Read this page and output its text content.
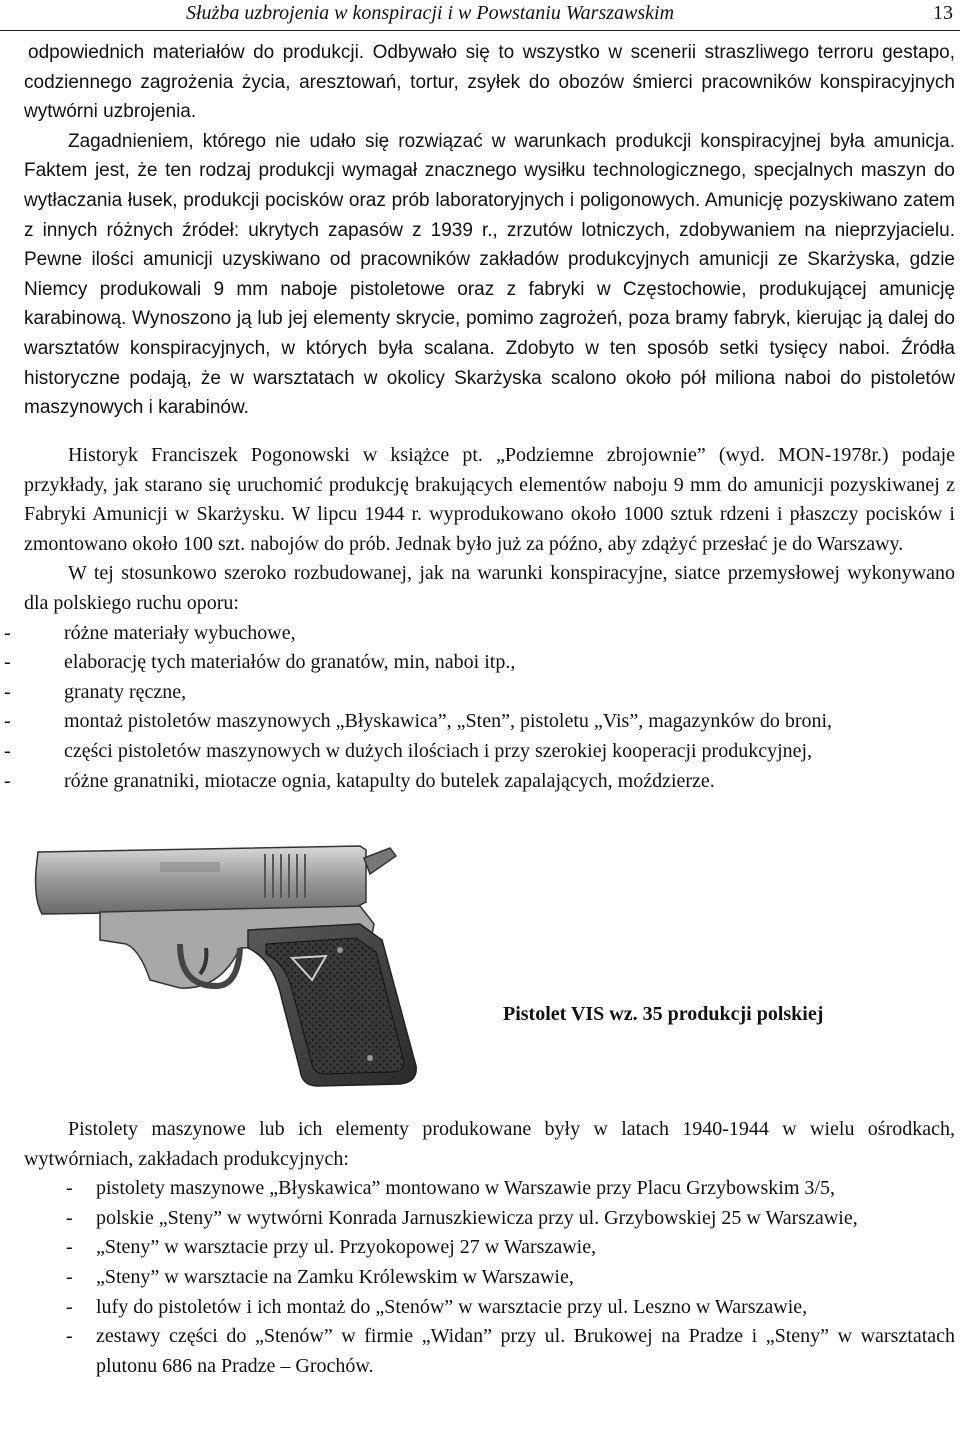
Służba uzbrojenia w konspiracji i w Powstaniu Warszawskim	13

odpowiednich materiałów do produkcji. Odbywało się to wszystko w scenerii straszliwego terroru gestapo, codziennego zagrożenia życia, aresztowań, tortur, zsyłek do obozów śmierci pracowników konspiracyjnych wytwórni uzbrojenia.

Zagadnieniem, którego nie udało się rozwiązać w warunkach produkcji konspiracyjnej była amunicja. Faktem jest, że ten rodzaj produkcji wymagał znacznego wysiłku technologicznego, specjalnych maszyn do wytłaczania łusek, produkcji pocisków oraz prób laboratoryjnych i poligonowych. Amunicję pozyskiwano zatem z innych różnych źródeł: ukrytych zapasów z 1939 r., zrzutów lotniczych, zdobywaniem na nieprzyjacielu. Pewne ilości amunicji uzyskiwano od pracowników zakładów produkcyjnych amunicji ze Skarżyska, gdzie Niemcy produkowali 9 mm naboje pistoletowe oraz z fabryki w Częstochowie, produkującej amunicję karabinową. Wynoszono ją lub jej elementy skrycie, pomimo zagrożeń, poza bramy fabryk, kierując ją dalej do warsztatów konspiracyjnych, w których była scalana. Zdobyto w ten sposób setki tysięcy naboi. Źródła historyczne podają, że w warsztatach w okolicy Skarżyska scalono około pół miliona naboi do pistoletów maszynowych i karabinów.

Historyk Franciszek Pogonowski w książce pt. „Podziemne zbrojownie” (wyd. MON-1978r.) podaje przykłady, jak starano się uruchomić produkcję brakujących elementów naboju 9 mm do amunicji pozyskiwanej z Fabryki Amunicji w Skarżysku. W lipcu 1944 r. wyprodukowano około 1000 sztuk rdzeni i płaszczy pocisków i zmontowano około 100 szt. nabojów do prób. Jednak było już za późno, aby zdążyć przesłać je do Warszawy.

W tej stosunkowo szeroko rozbudowanej, jak na warunki konspiracyjne, siatce przemysłowej wykonywano dla polskiego ruchu oporu:

- różne materiały wybuchowe,
- elaborację tych materiałów do granatów, min, naboi itp.,
- granaty ręczne,
- montaż pistoletów maszynowych „Błyskawica”, „Sten”, pistoletu „Vis”, magazynków do broni,
- części pistoletów maszynowych w dużych ilościach i przy szerokiej kooperacji produkcyjnej,
- różne granatniki, miotacze ognia, katapulty do butelek zapalających, moździerze.
Pistolet VIS wz. 35 produkcji polskiej

Pistolety maszynowe lub ich elementy produkowane były w latach 1940-1944 w wielu ośrodkach, wytwórniach, zakładach produkcyjnych:

- pistolety maszynowe „Błyskawica” montowano w Warszawie przy Placu Grzybowskim 3/5,
- polskie „Steny” w wytwórni Konrada Jarnuszkiewicza przy ul. Grzybowskiej 25 w Warszawie,
- „Steny” w warsztacie przy ul. Przyokopowej 27 w Warszawie,
- „Steny” w warsztacie na Zamku Królewskim w Warszawie,
- lufy do pistoletów i ich montaż do „Stenów” w warsztacie przy ul. Leszno w Warszawie,
- zestawy części do „Stenów” w firmie „Widan” przy ul. Brukowej na Pradze i „Steny” w warsztatach plutonu 686 na Pradze – Grochów.
